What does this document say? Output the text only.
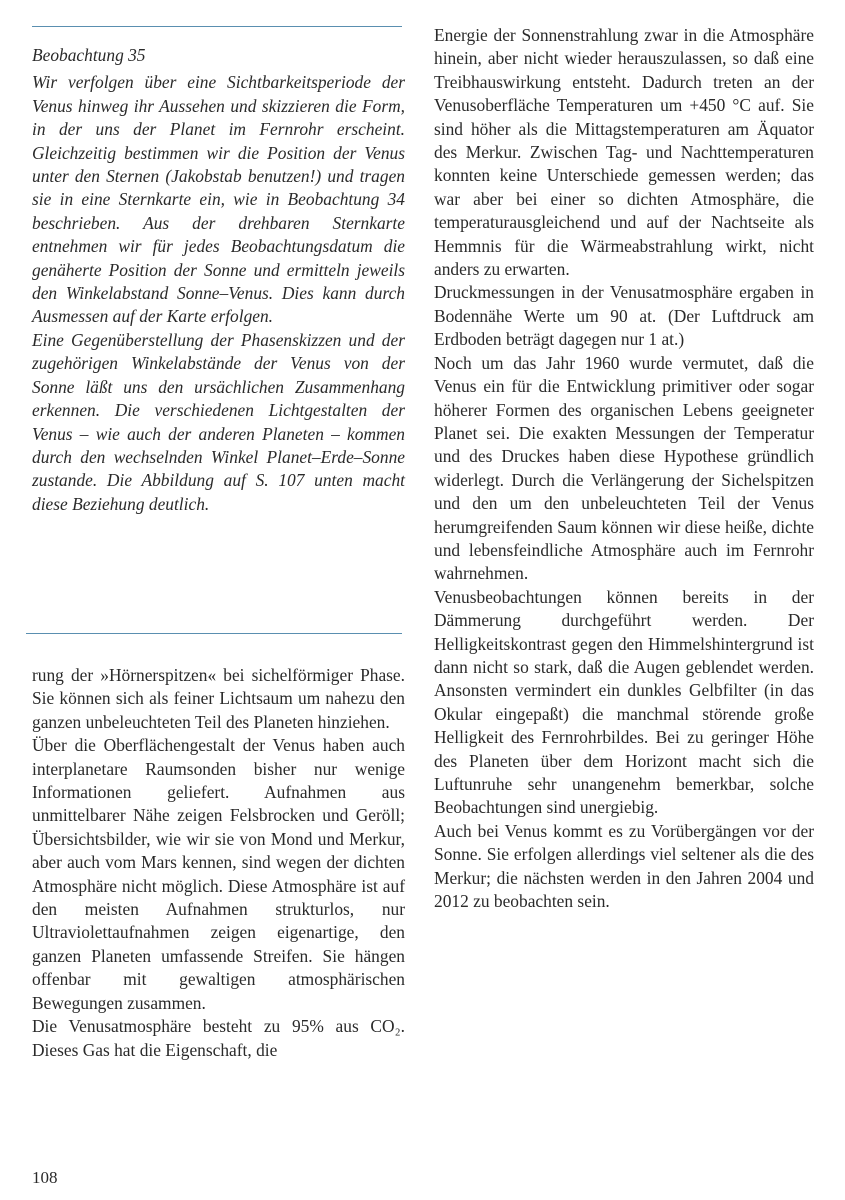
Beobachtung 35

Wir verfolgen über eine Sichtbarkeitsperiode der Venus hinweg ihr Aussehen und skizzieren die Form, in der uns der Planet im Fernrohr erscheint. Gleichzeitig bestimmen wir die Position der Venus unter den Sternen (Jakobstab benutzen!) und tragen sie in eine Sternkarte ein, wie in Beobachtung 34 beschrieben. Aus der drehbaren Sternkarte entnehmen wir für jedes Beobachtungsdatum die genäherte Position der Sonne und ermitteln jeweils den Winkelabstand Sonne–Venus. Dies kann durch Ausmessen auf der Karte erfolgen.

Eine Gegenüberstellung der Phasenskizzen und der zugehörigen Winkelabstände der Venus von der Sonne läßt uns den ursächlichen Zusammenhang erkennen. Die verschiedenen Lichtgestalten der Venus – wie auch der anderen Planeten – kommen durch den wechselnden Winkel Planet–Erde–Sonne zustande. Die Abbildung auf S. 107 unten macht diese Beziehung deutlich.

rung der »Hörnerspitzen« bei sichelförmiger Phase. Sie können sich als feiner Lichtsaum um nahezu den ganzen unbeleuchteten Teil des Planeten hinziehen.

Über die Oberflächengestalt der Venus haben auch interplanetare Raumsonden bisher nur wenige Informationen geliefert. Aufnahmen aus unmittelbarer Nähe zeigen Felsbrocken und Geröll; Übersichtsbilder, wie wir sie von Mond und Merkur, aber auch vom Mars kennen, sind wegen der dichten Atmosphäre nicht möglich. Diese Atmosphäre ist auf den meisten Aufnahmen strukturlos, nur Ultraviolettaufnahmen zeigen eigenartige, den ganzen Planeten umfassende Streifen. Sie hängen offenbar mit gewaltigen atmosphärischen Bewegungen zusammen.

Die Venusatmosphäre besteht zu 95% aus CO₂. Dieses Gas hat die Eigenschaft, die

Energie der Sonnenstrahlung zwar in die Atmosphäre hinein, aber nicht wieder herauszulassen, so daß eine Treibhauswirkung entsteht. Dadurch treten an der Venusoberfläche Temperaturen um +450 °C auf. Sie sind höher als die Mittagstemperaturen am Äquator des Merkur. Zwischen Tag- und Nachttemperaturen konnten keine Unterschiede gemessen werden; das war aber bei einer so dichten Atmosphäre, die temperaturausgleichend und auf der Nachtseite als Hemmnis für die Wärmeabstrahlung wirkt, nicht anders zu erwarten.

Druckmessungen in der Venusatmosphäre ergaben in Bodennähe Werte um 90 at. (Der Luftdruck am Erdboden beträgt dagegen nur 1 at.)

Noch um das Jahr 1960 wurde vermutet, daß die Venus ein für die Entwicklung primitiver oder sogar höherer Formen des organischen Lebens geeigneter Planet sei. Die exakten Messungen der Temperatur und des Druckes haben diese Hypothese gründlich widerlegt. Durch die Verlängerung der Sichelspitzen und den um den unbeleuchteten Teil der Venus herumgreifenden Saum können wir diese heiße, dichte und lebensfeindliche Atmosphäre auch im Fernrohr wahrnehmen.

Venusbeobachtungen können bereits in der Dämmerung durchgeführt werden. Der Helligkeitskontrast gegen den Himmelshintergrund ist dann nicht so stark, daß die Augen geblendet werden. Ansonsten vermindert ein dunkles Gelbfilter (in das Okular eingepaßt) die manchmal störende große Helligkeit des Fernrohrbildes. Bei zu geringer Höhe des Planeten über dem Horizont macht sich die Luftunruhe sehr unangenehm bemerkbar, solche Beobachtungen sind unergiebig.

Auch bei Venus kommt es zu Vorübergängen vor der Sonne. Sie erfolgen allerdings viel seltener als die des Merkur; die nächsten werden in den Jahren 2004 und 2012 zu beobachten sein.

108
